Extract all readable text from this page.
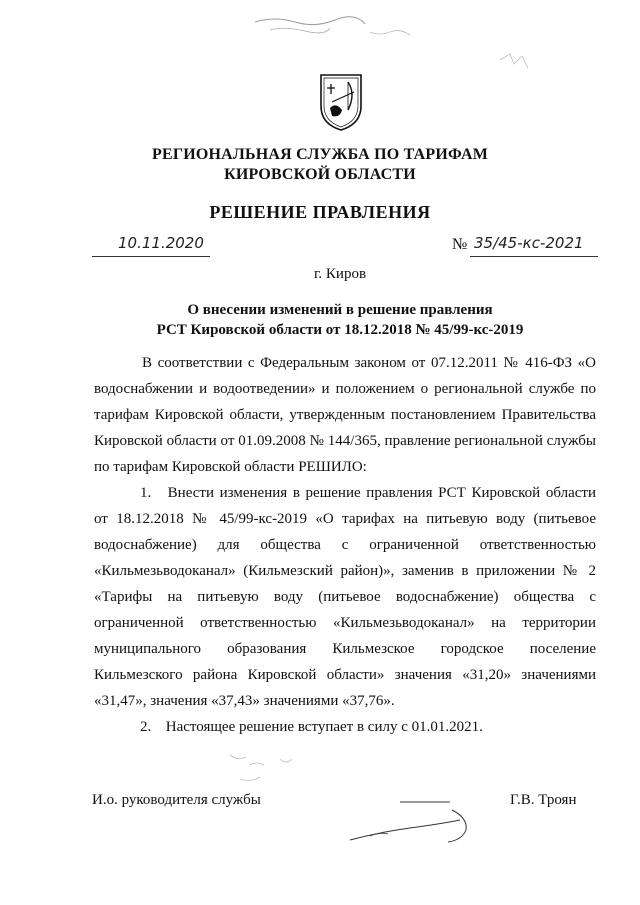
РЕГИОНАЛЬНАЯ СЛУЖБА ПО ТАРИФАМ
КИРОВСКОЙ ОБЛАСТИ
РЕШЕНИЕ ПРАВЛЕНИЯ
10.11.2020	№ 35/45-кс-2021
г. Киров
О внесении изменений в решение правления
РСТ Кировской области от 18.12.2018 № 45/99-кс-2019

В соответствии с Федеральным законом от 07.12.2011 № 416-ФЗ «О водоснабжении и водоотведении» и положением о региональной службе по тарифам Кировской области, утвержденным постановлением Правительства Кировской области от 01.09.2008 № 144/365, правление региональной службы по тарифам Кировской области РЕШИЛО:

1. Внести изменения в решение правления РСТ Кировской области от 18.12.2018 № 45/99-кс-2019 «О тарифах на питьевую воду (питьевое водоснабжение) для общества с ограниченной ответственностью «Кильмезьводоканал» (Кильмезский район)», заменив в приложении № 2 «Тарифы на питьевую воду (питьевое водоснабжение) общества с ограниченной ответственностью «Кильмезьводоканал» на территории муниципального образования Кильмезское городское поселение Кильмезского района Кировской области» значения «31,20» значениями «31,47», значения «37,43» значениями «37,76».

2. Настоящее решение вступает в силу с 01.01.2021.

И.о. руководителя службы	Г.В. Троян
